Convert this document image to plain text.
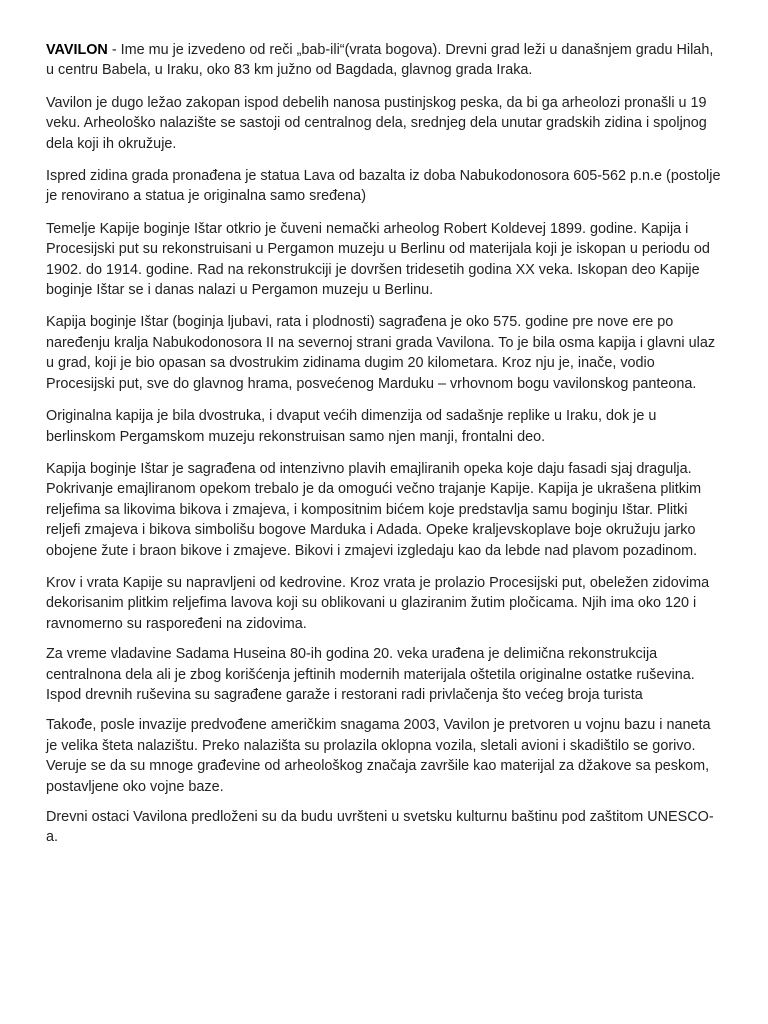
VAVILON - Ime mu je izvedeno od reči „bab-ili“(vrata bogova). Drevni grad leži u današnjem gradu Hilah, u centru Babela, u Iraku, oko 83 km južno od Bagdada, glavnog grada Iraka.

Vavilon je dugo ležao zakopan ispod debelih nanosa pustinjskog peska, da bi ga arheolozi pronašli u 19 veku. Arheološko nalazište se sastoji od centralnog dela, srednjeg dela unutar gradskih zidina i spoljnog dela koji ih okružuje.

Ispred zidina grada pronađena je statua Lava od bazalta iz doba Nabukodonosora 605-562 p.n.e (postolje je renovirano a statua je originalna samo sređena)

Temelje Kapije boginje Ištar otkrio je čuveni nemački arheolog Robert Koldevej 1899. godine. Kapija i Procesijski put su rekonstruisani u Pergamon muzeju u Berlinu od materijala koji je iskopan u periodu od 1902. do 1914. godine. Rad na rekonstrukciji je dovršen tridesetih godina XX veka. Iskopan deo Kapije boginje Ištar se i danas nalazi u Pergamon muzeju u Berlinu.

Kapija boginje Ištar (boginja ljubavi, rata i plodnosti) sagrađena je oko 575. godine pre nove ere po naređenju kralja Nabukodonosora II na severnoj strani grada Vavilona. To je bila osma kapija i glavni ulaz u grad, koji je bio opasan sa dvostrukim zidinama dugim 20 kilometara. Kroz nju je, inače, vodio Procesijski put, sve do glavnog hrama, posvećenog Marduku – vrhovnom bogu vavilonskog panteona.

Originalna kapija je bila dvostruka, i dvaput većih dimenzija od sadašnje replike u Iraku, dok je u berlinskom Pergamskom muzeju rekonstruisan samo njen manji, frontalni deo.

Kapija boginje Ištar je sagrađena od intenzivno plavih emajliranih opeka koje daju fasadi sjaj dragulja. Pokrivanje emajliranom opekom trebalo je da omogući večno trajanje Kapije. Kapija je ukrašena plitkim reljefima sa likovima bikova i zmajeva, i kompositnim bićem koje predstavlja samu boginju Ištar. Plitki reljefi zmajeva i bikova simbolišu bogove Marduka i Adada. Opeke kraljevskoplave boje okružuju jarko obojene žute i braon bikove i zmajeve. Bikovi i zmajevi izgledaju kao da lebde nad plavom pozadinom.

Krov i vrata Kapije su napravljeni od kedrovine. Kroz vrata je prolazio Procesijski put, obeležen zidovima dekorisanim plitkim reljefima lavova koji su oblikovani u glaziranim žutim pločicama. Njih ima oko 120 i ravnomerno su raspoređeni na zidovima.

Za vreme vladavine Sadama Huseina 80-ih godina 20. veka urađena je delimična rekonstrukcija centralnona dela ali je zbog korišćenja jeftinih modernih materijala oštetila originalne ostatke ruševina. Ispod drevnih ruševina su sagrađene garaže i restorani radi privlačenja što većeg broja turista

Takođe, posle invazije predvođene američkim snagama 2003, Vavilon je pretvoren u vojnu bazu i naneta je velika šteta nalazištu. Preko nalazišta su prolazila oklopna vozila, sletali avioni i skadištilo se gorivo. Veruje se da su mnoge građevine od arheološkog značaja završile kao materijal za džakove sa peskom, postavljene oko vojne baze.

Drevni ostaci Vavilona predloženi su da budu uvršteni u svetsku kulturnu baštinu pod zaštitom UNESCO-a.
